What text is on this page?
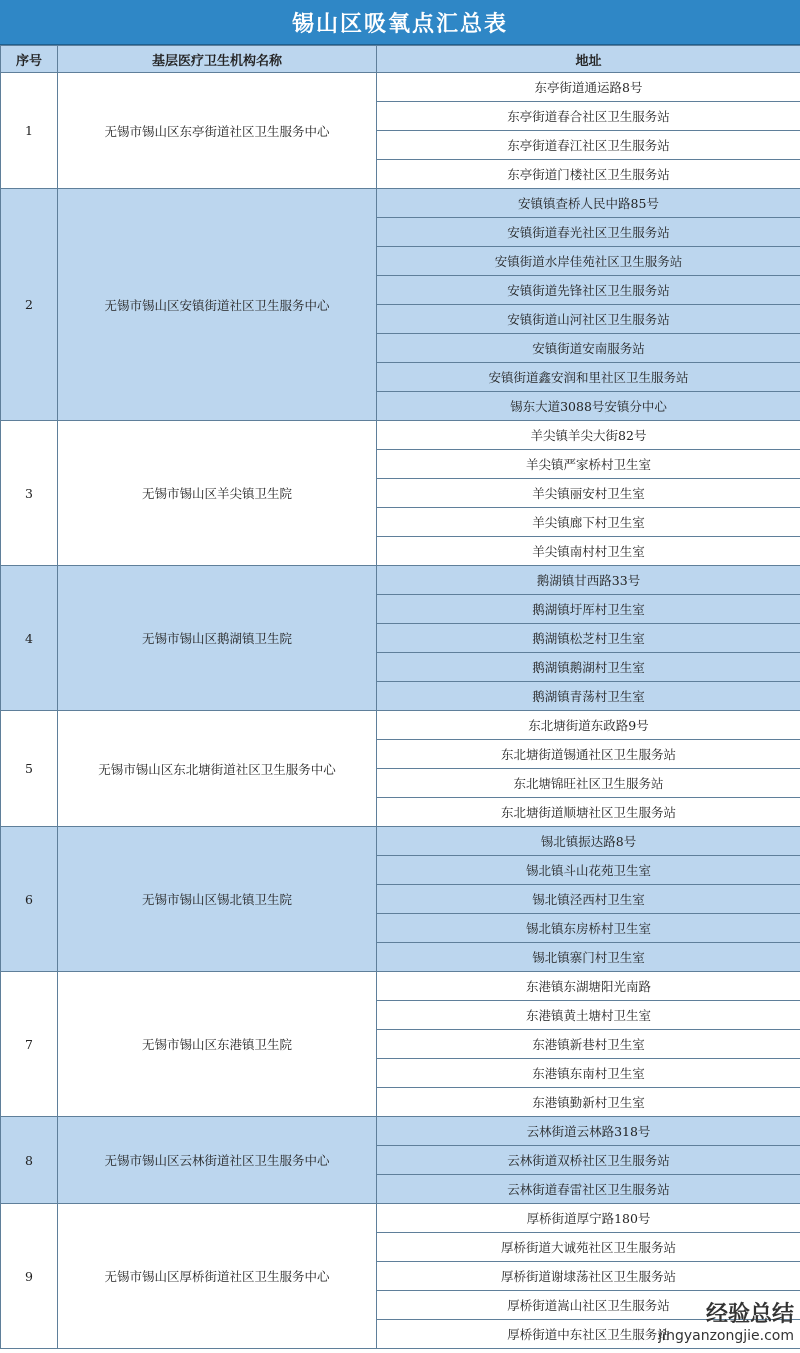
锡山区吸氧点汇总表
序号	基层医疗卫生机构名称	地址
1	无锡市锡山区东亭街道社区卫生服务中心	东亭街道通运路8号
		东亭街道春合社区卫生服务站
		东亭街道春江社区卫生服务站
		东亭街道门楼社区卫生服务站
2	无锡市锡山区安镇街道社区卫生服务中心	安镇镇查桥人民中路85号
		安镇街道春光社区卫生服务站
		安镇街道水岸佳苑社区卫生服务站
		安镇街道先锋社区卫生服务站
		安镇街道山河社区卫生服务站
		安镇街道安南服务站
		安镇街道鑫安润和里社区卫生服务站
		锡东大道3088号安镇分中心
3	无锡市锡山区羊尖镇卫生院	羊尖镇羊尖大街82号
		羊尖镇严家桥村卫生室
		羊尖镇丽安村卫生室
		羊尖镇廊下村卫生室
		羊尖镇南村村卫生室
4	无锡市锡山区鹅湖镇卫生院	鹅湖镇甘西路33号
		鹅湖镇圩厍村卫生室
		鹅湖镇松芝村卫生室
		鹅湖镇鹅湖村卫生室
		鹅湖镇青荡村卫生室
5	无锡市锡山区东北塘街道社区卫生服务中心	东北塘街道东政路9号
		东北塘街道锡通社区卫生服务站
		东北塘锦旺社区卫生服务站
		东北塘街道顺塘社区卫生服务站
6	无锡市锡山区锡北镇卫生院	锡北镇振达路8号
		锡北镇斗山花苑卫生室
		锡北镇泾西村卫生室
		锡北镇东房桥村卫生室
		锡北镇寨门村卫生室
7	无锡市锡山区东港镇卫生院	东港镇东湖塘阳光南路
		东港镇黄土塘村卫生室
		东港镇新巷村卫生室
		东港镇东南村卫生室
		东港镇勤新村卫生室
8	无锡市锡山区云林街道社区卫生服务中心	云林街道云林路318号
		云林街道双桥社区卫生服务站
		云林街道春雷社区卫生服务站
9	无锡市锡山区厚桥街道社区卫生服务中心	厚桥街道厚宁路180号
		厚桥街道大诚苑社区卫生服务站
		厚桥街道谢埭荡社区卫生服务站
		厚桥街道嵩山社区卫生服务站
		厚桥街道中东社区卫生服务站
经验总结
jingyanzongjie.com
